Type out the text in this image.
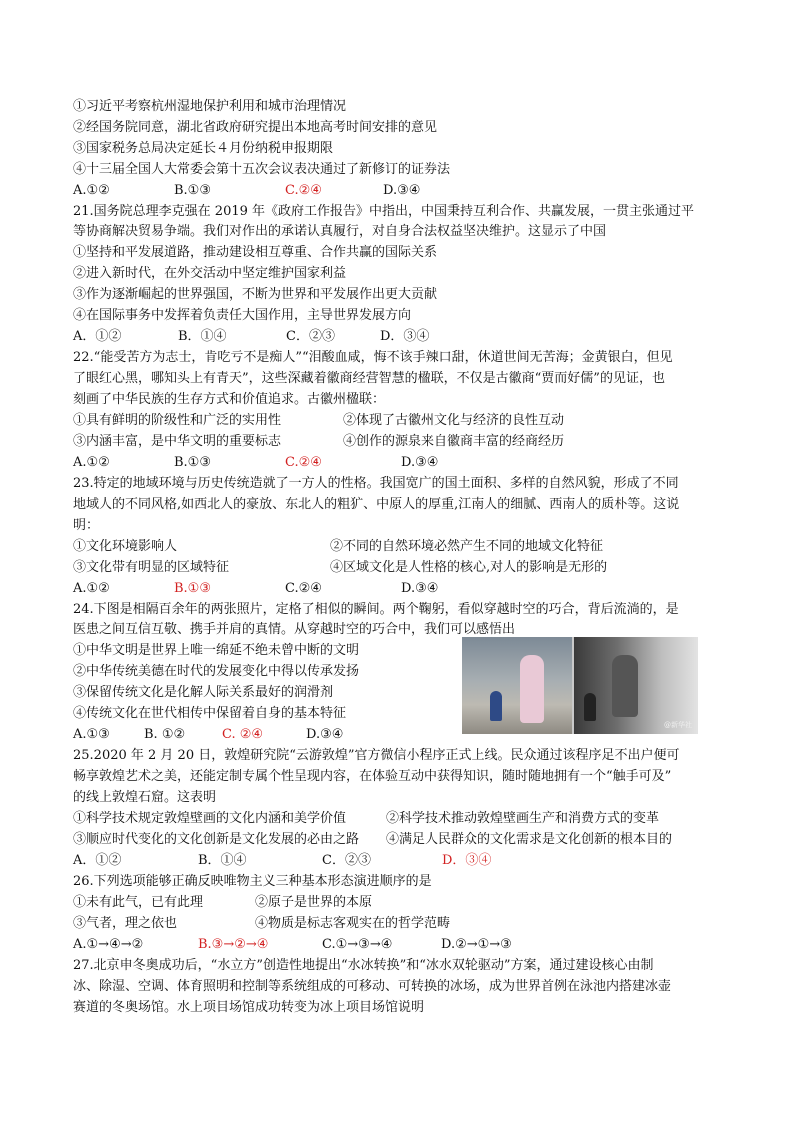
①习近平考察杭州湿地保护利用和城市治理情况
②经国务院同意，湖北省政府研究提出本地高考时间安排的意见
③国家税务总局决定延长４月份纳税申报期限
④十三届全国人大常委会第十五次会议表决通过了新修订的证券法
A.①②	B.①③	C.②④	D.③④
21.国务院总理李克强在 2019 年《政府工作报告》中指出，中国秉持互利合作、共赢发展，一贯主张通过平
等协商解决贸易争端。我们对作出的承诺认真履行，对自身合法权益坚决维护。这显示了中国
①坚持和平发展道路，推动建设相互尊重、合作共赢的国际关系
②进入新时代，在外交活动中坚定维护国家利益
③作为逐渐崛起的世界强国，不断为世界和平发展作出更大贡献
④在国际事务中发挥着负责任大国作用，主导世界发展方向
A．①②	B．①④	C．②③	D．③④
22.“能受苦方为志士，肯吃亏不是痴人”“泪酸血咸，悔不该手辣口甜，休道世间无苦海；金黄银白，但见
了眼红心黑，哪知头上有青天”，这些深藏着徽商经营智慧的楹联，不仅是古徽商“贾而好儒”的见证，也
刻画了中华民族的生存方式和价值追求。古徽州楹联：
①具有鲜明的阶级性和广泛的实用性	②体现了古徽州文化与经济的良性互动
③内涵丰富，是中华文明的重要标志	④创作的源泉来自徽商丰富的经商经历
A.①②	B.①③	C.②④	D.③④
23.特定的地域环境与历史传统造就了一方人的性格。我国宽广的国土面积、多样的自然风貌，形成了不同
地域人的不同风格,如西北人的豪放、东北人的粗犷、中原人的厚重,江南人的细腻、西南人的质朴等。这说
明：
①文化环境影响人	②不同的自然环境必然产生不同的地域文化特征
③文化带有明显的区域特征	④区域文化是人性格的核心,对人的影响是无形的
A.①②	B.①③	C.②④	D.③④
24.下图是相隔百余年的两张照片，定格了相似的瞬间。两个鞠躬，看似穿越时空的巧合，背后流淌的，是
医患之间互信互敬、携手并肩的真情。从穿越时空的巧合中，我们可以感悟出
①中华文明是世界上唯一绵延不绝未曾中断的文明
②中华传统美德在时代的发展变化中得以传承发扬
③保留传统文化是化解人际关系最好的润滑剂
④传统文化在世代相传中保留着自身的基本特征
A.①③	B. ①②	C. ②④	D.③④
@新华社
25.2020 年 2 月 20 日，敦煌研究院“云游敦煌”官方微信小程序正式上线。民众通过该程序足不出户便可
畅享敦煌艺术之美，还能定制专属个性呈现内容，在体验互动中获得知识，随时随地拥有一个“触手可及”
的线上敦煌石窟。这表明
①科学技术规定敦煌壁画的文化内涵和美学价值	②科学技术推动敦煌壁画生产和消费方式的变革
③顺应时代变化的文化创新是文化发展的必由之路 ④满足人民群众的文化需求是文化创新的根本目的
A．①②	B．①④	C．②③	D．③④
26.下列选项能够正确反映唯物主义三种基本形态演进顺序的是
①未有此气，已有此理	②原子是世界的本原
③气者，理之依也	④物质是标志客观实在的哲学范畴
A.①→④→②	B.③→②→④	C.①→③→④	D.②→①→③
27.北京申冬奥成功后，“水立方”创造性地提出“水冰转换”和“冰水双轮驱动”方案，通过建设核心由制
冰、除湿、空调、体育照明和控制等系统组成的可移动、可转换的冰场，成为世界首例在泳池内搭建冰壶
赛道的冬奥场馆。水上项目场馆成功转变为冰上项目场馆说明
